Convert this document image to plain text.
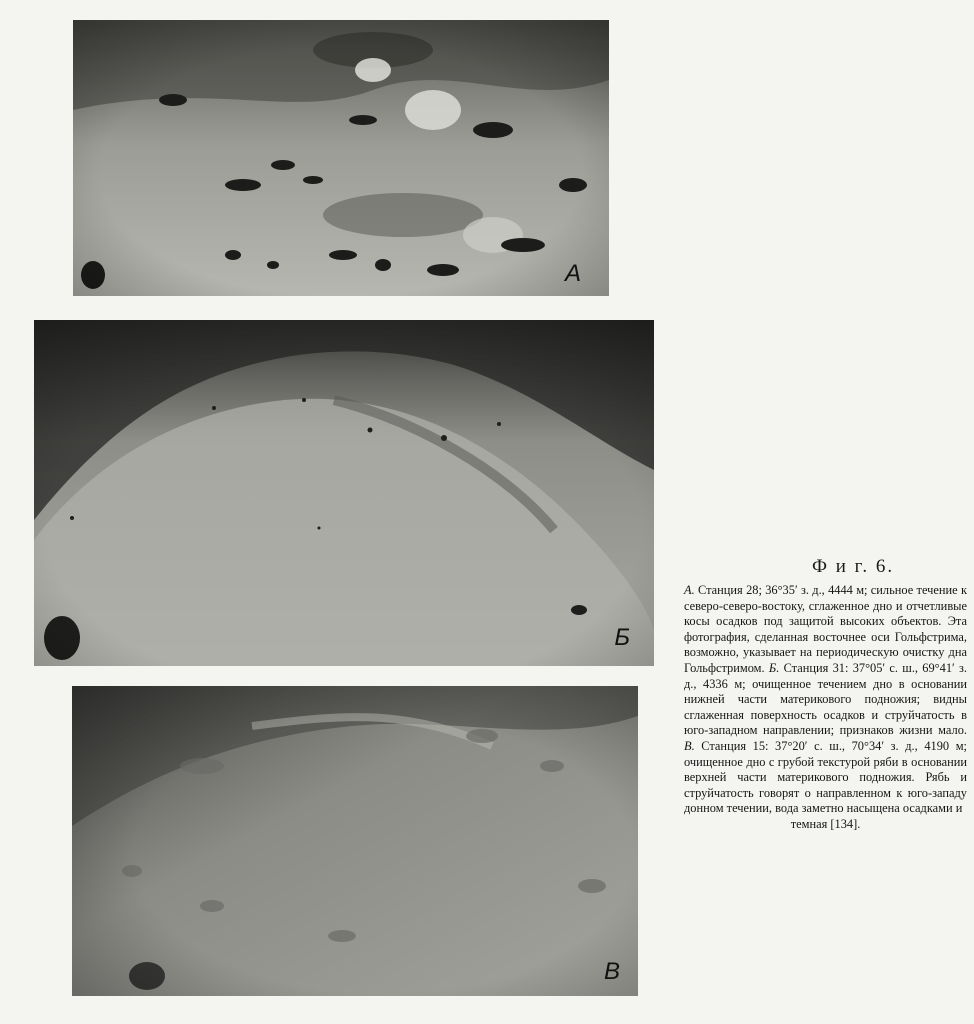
A
Б
В
Ф и г. 6.
А. Станция 28; 36°35′ з. д., 4444 м; сильное течение к северо-северо-востоку, сглаженное дно и отчетливые косы осадков под защитой высоких объектов. Эта фотография, сделанная восточнее оси Гольфстрима, возможно, указывает на периодическую очистку дна Гольфстримом. Б. Станция 31: 37°05′ с. ш., 69°41′ з. д., 4336 м; очищенное течением дно в основании нижней части материкового подножия; видны сглаженная поверхность осадков и струйчатость в юго-западном направлении; признаков жизни мало. В. Станция 15: 37°20′ с. ш., 70°34′ з. д., 4190 м; очищенное дно с грубой текстурой ряби в основании верхней части материкового подножия. Рябь и струйчатость говорят о направленном к юго-западу донном течении, вода заметно насыщена осадками и
темная [134].
